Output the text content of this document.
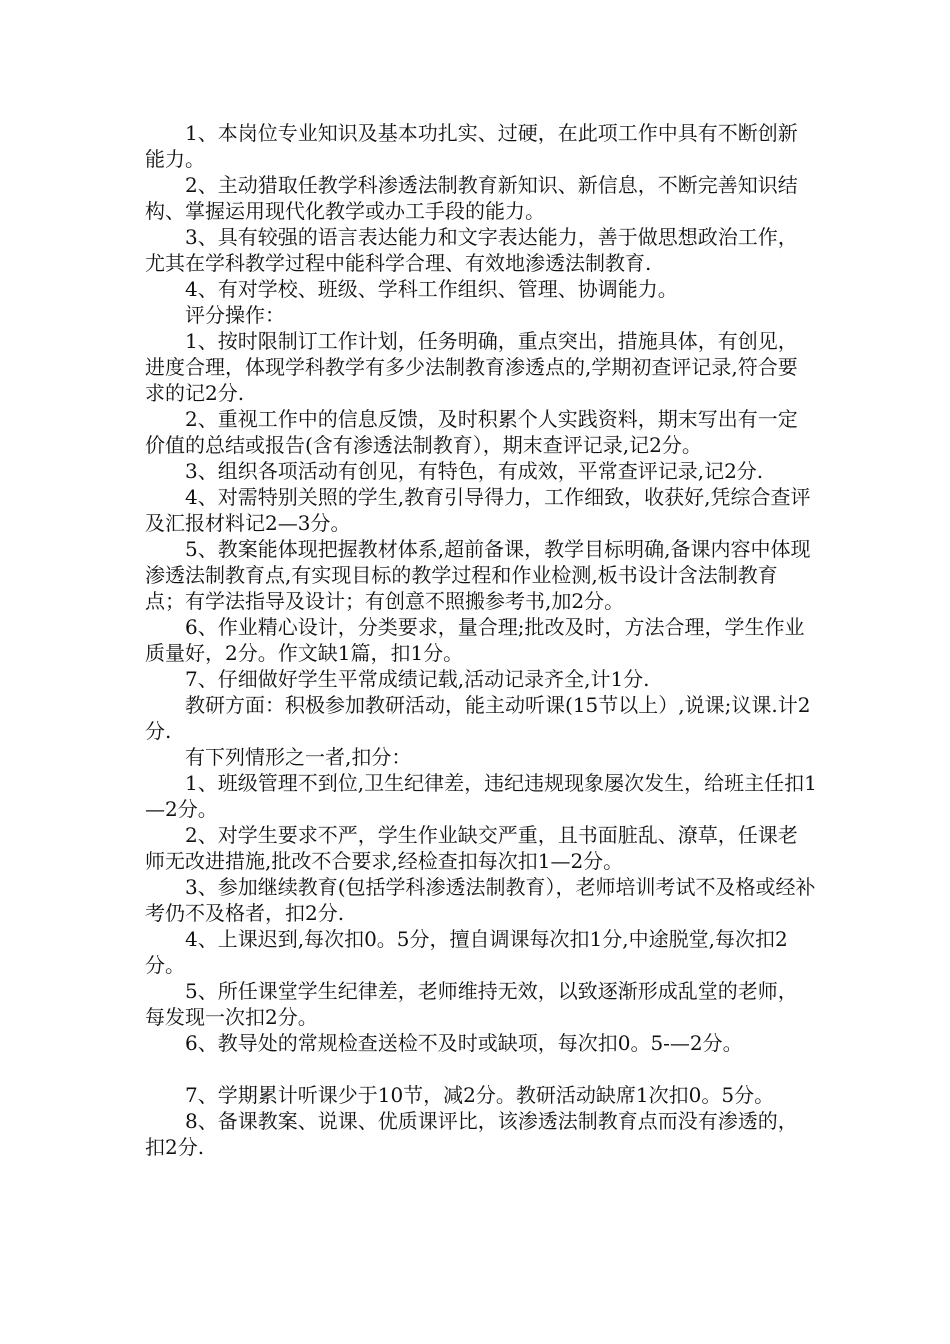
1、本岗位专业知识及基本功扎实、过硬，在此项工作中具有不断创新能力。

2、主动猎取任教学科渗透法制教育新知识、新信息，不断完善知识结构、掌握运用现代化教学或办工手段的能力。

3、具有较强的语言表达能力和文字表达能力，善于做思想政治工作，尤其在学科教学过程中能科学合理、有效地渗透法制教育.

4、有对学校、班级、学科工作组织、管理、协调能力。

评分操作：

1、按时限制订工作计划，任务明确，重点突出，措施具体，有创见，进度合理，体现学科教学有多少法制教育渗透点的,学期初查评记录,符合要求的记2分.

2、重视工作中的信息反馈，及时积累个人实践资料，期末写出有一定价值的总结或报告(含有渗透法制教育），期末查评记录,记2分。

3、组织各项活动有创见，有特色，有成效，平常查评记录,记2分.

4、对需特别关照的学生,教育引导得力，工作细致，收获好,凭综合查评及汇报材料记2—3分。

5、教案能体现把握教材体系,超前备课，教学目标明确,备课内容中体现渗透法制教育点,有实现目标的教学过程和作业检测,板书设计含法制教育点；有学法指导及设计；有创意不照搬参考书,加2分。

6、作业精心设计，分类要求，量合理;批改及时，方法合理，学生作业质量好，2分。作文缺1篇，扣1分。

7、仔细做好学生平常成绩记载,活动记录齐全,计1分.

教研方面：积极参加教研活动，能主动听课(15节以上）,说课;议课.计2分.

有下列情形之一者,扣分：

1、班级管理不到位,卫生纪律差，违纪违规现象屡次发生，给班主任扣1—2分。

2、对学生要求不严，学生作业缺交严重，且书面脏乱、潦草，任课老师无改进措施,批改不合要求,经检查扣每次扣1—2分。

3、参加继续教育(包括学科渗透法制教育），老师培训考试不及格或经补考仍不及格者，扣2分.

4、上课迟到,每次扣0。5分，擅自调课每次扣1分,中途脱堂,每次扣2分。

5、所任课堂学生纪律差，老师维持无效，以致逐渐形成乱堂的老师，每发现一次扣2分。

6、教导处的常规检查送检不及时或缺项，每次扣0。5-—2分。

7、学期累计听课少于10节，减2分。教研活动缺席1次扣0。5分。

8、备课教案、说课、优质课评比，该渗透法制教育点而没有渗透的，扣2分.
